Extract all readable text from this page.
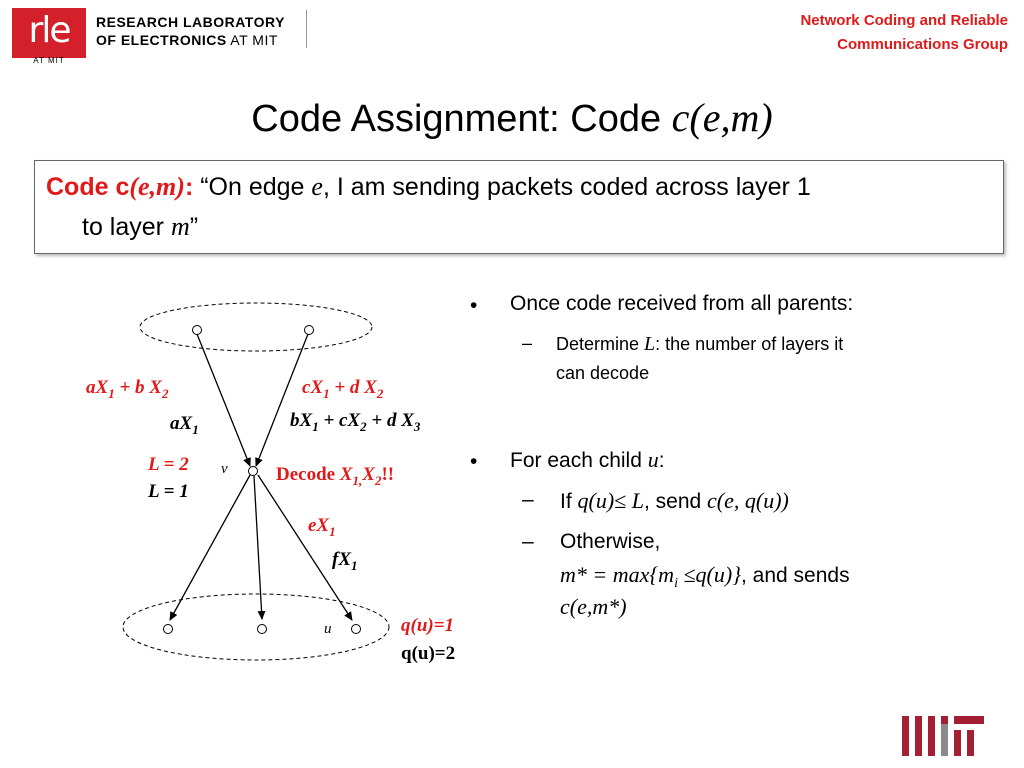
rle
AT MIT
RESEARCH LABORATORY
OF ELECTRONICS AT MIT
Network Coding and Reliable
Communications Group
Code Assignment: Code c(e,m)
Code c(e,m): “On edge e, I am sending packets coded across layer 1
to layer m”
• Once code received from all parents:
– Determine L: the number of layers it
can decode
• For each child u:
– If q(u)≤ L, send c(e, q(u))
– Otherwise,
$m* = \max\{m_i \le q(u)\}$, and sends
c(e,m*)
$aX_1 + b$ $X_2$
$aX_1$
$cX_1 + d$ $X_2$
$bX_1 + cX_2 + d$ $X_3$
L = 2
L = 1
v	Decode $X_{1,}X_2$!!
$eX_1$
$fX_1$
u	q(u)=1
q(u)=2
